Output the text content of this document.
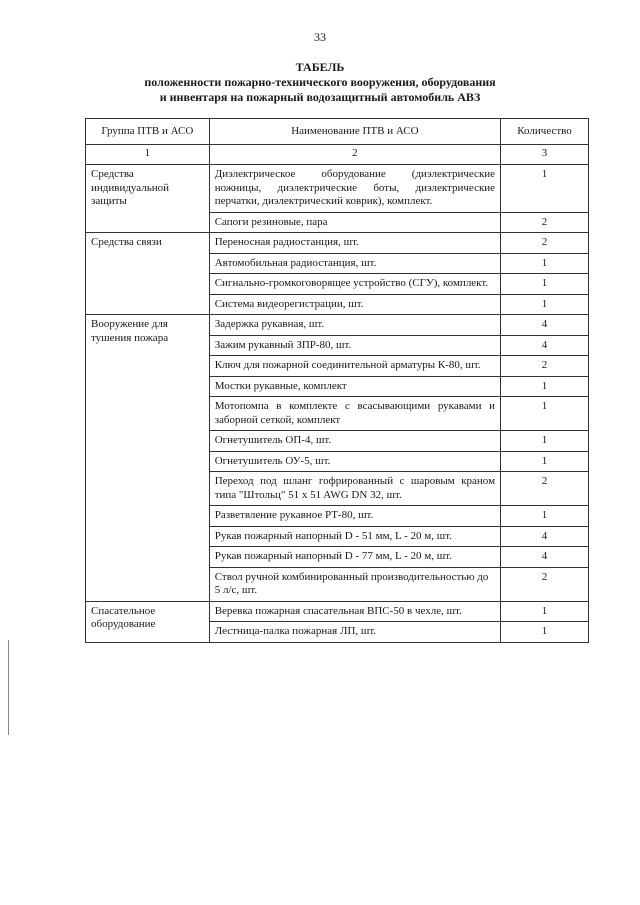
33
ТАБЕЛЬ
положенности пожарно-технического вооружения, оборудования
и инвентаря на пожарный водозащитный автомобиль АВЗ
Группа ПТВ и АСО	Наименование ПТВ и АСО	Количество
1	2	3
Средства индивидуальной защиты	Диэлектрическое оборудование (диэлектрические ножницы, диэлектрические боты, диэлектрические перчатки, диэлектрический коврик), комплект.	1
	Сапоги резиновые, пара	2
Средства связи	Переносная радиостанция, шт.	2
	Автомобильная радиостанция, шт.	1
	Сигнально-громкоговорящее устройство (СГУ), комплект.	1
	Система видеорегистрации, шт.	1
Вооружение для тушения пожара	Задержка рукавная, шт.	4
	Зажим рукавный ЗПР-80, шт.	4
	Ключ для пожарной соединительной арматуры К-80, шт.	2
	Мостки рукавные, комплект	1
	Мотопомпа в комплекте с всасывающими рукавами и заборной сеткой, комплект	1
	Огнетушитель ОП-4, шт.	1
	Огнетушитель ОУ-5, шт.	1
	Переход под шланг гофрированный с шаровым краном типа "Штольц" 51 x 51 AWG DN 32, шт.	2
	Разветвление рукавное РТ-80, шт.	1
	Рукав пожарный напорный D - 51 мм, L - 20 м, шт.	4
	Рукав пожарный напорный D - 77 мм, L - 20 м, шт.	4
	Ствол ручной комбинированный производительностью до 5 л/с, шт.	2
Спасательное оборудование	Веревка пожарная спасательная ВПС-50 в чехле, шт.	1
	Лестница-палка пожарная ЛП, шт.	1
